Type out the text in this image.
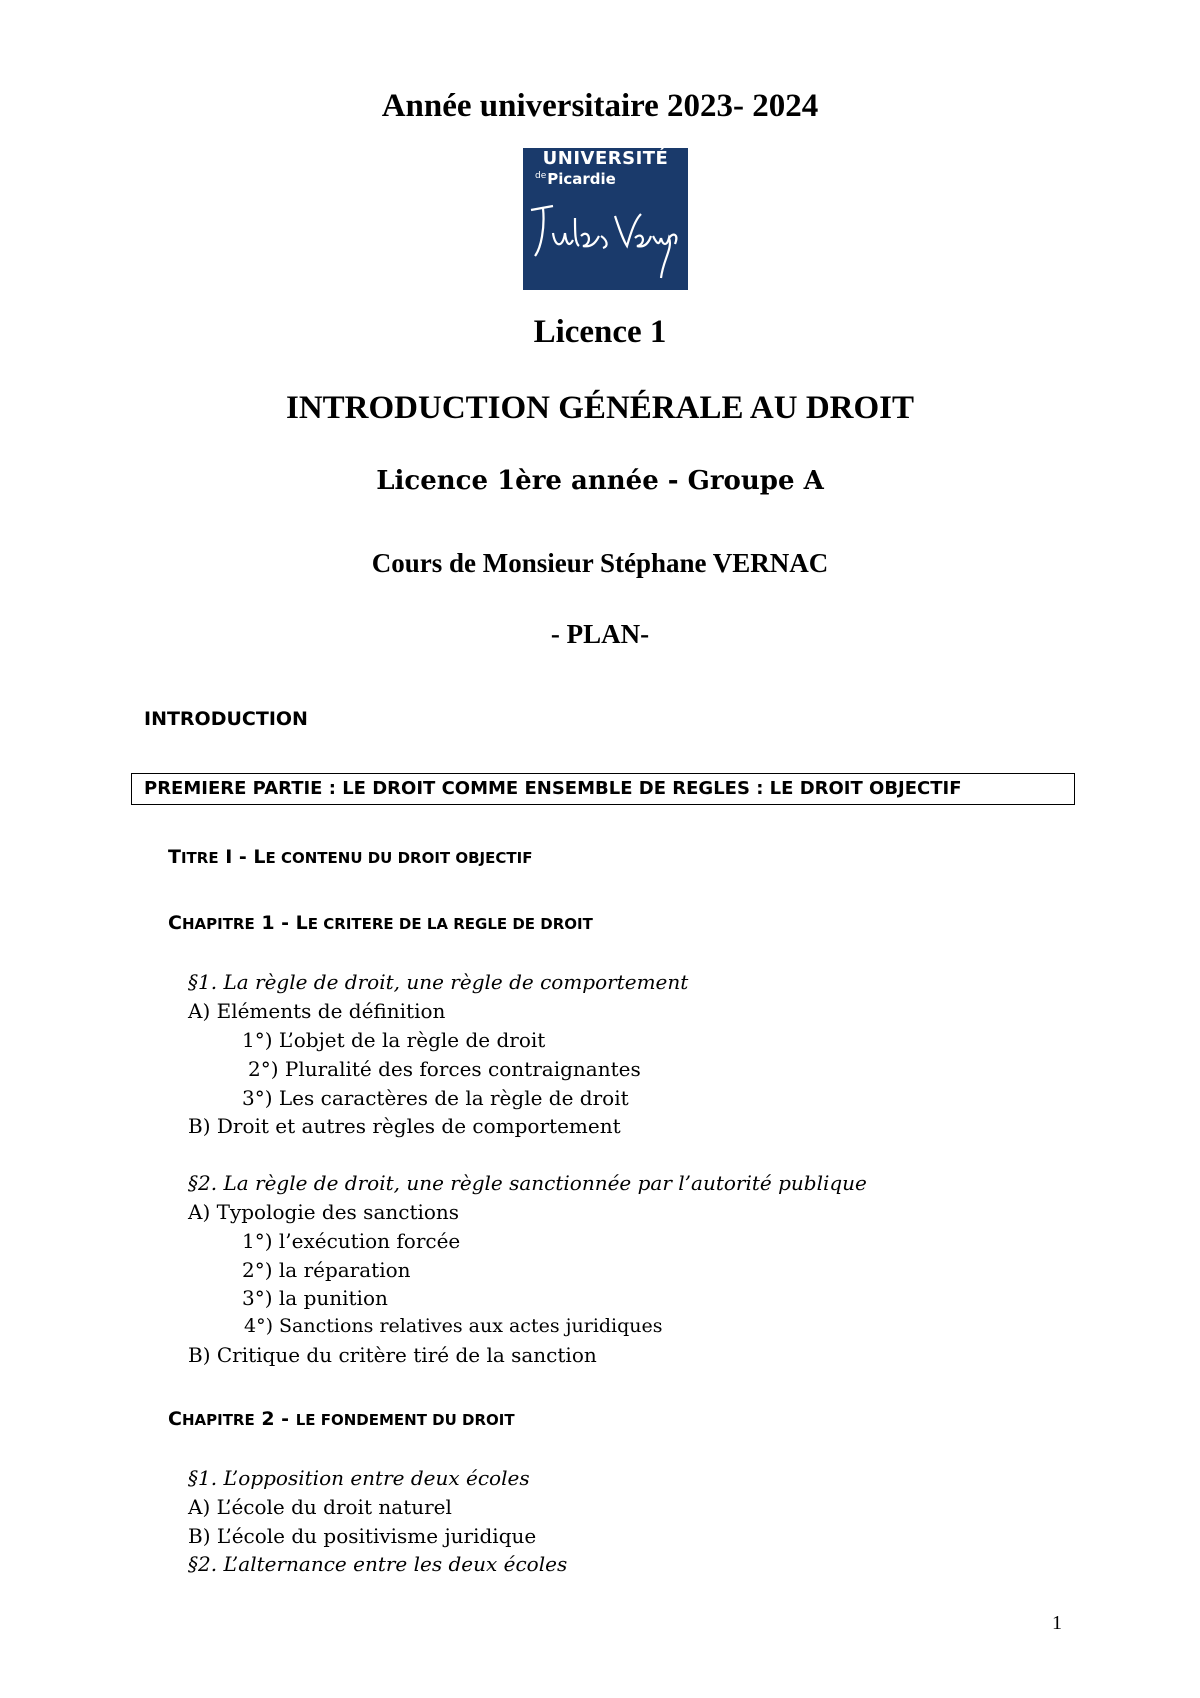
Année universitaire 2023- 2024
UNIVERSITÉ
$^{de}$Picardie
Licence 1
INTRODUCTION GÉNÉRALE AU DROIT
Licence 1ère année - Groupe A
Cours de Monsieur Stéphane VERNAC
- PLAN-
INTRODUCTION
PREMIERE PARTIE : LE DROIT COMME ENSEMBLE DE REGLES : LE DROIT OBJECTIF
TITRE I - LE CONTENU DU DROIT OBJECTIF
CHAPITRE 1 - LE CRITERE DE LA REGLE DE DROIT
§1. La règle de droit, une règle de comportement
A) Eléments de définition
1°) L’objet de la règle de droit
2°) Pluralité des forces contraignantes
3°) Les caractères de la règle de droit
B) Droit et autres règles de comportement
§2. La règle de droit, une règle sanctionnée par l’autorité publique
A) Typologie des sanctions
1°) l’exécution forcée
2°) la réparation
3°) la punition
4°) Sanctions relatives aux actes juridiques
B) Critique du critère tiré de la sanction
CHAPITRE 2 - LE FONDEMENT DU DROIT
§1. L’opposition entre deux écoles
A) L’école du droit naturel
B) L’école du positivisme juridique
§2. L’alternance entre les deux écoles
1
